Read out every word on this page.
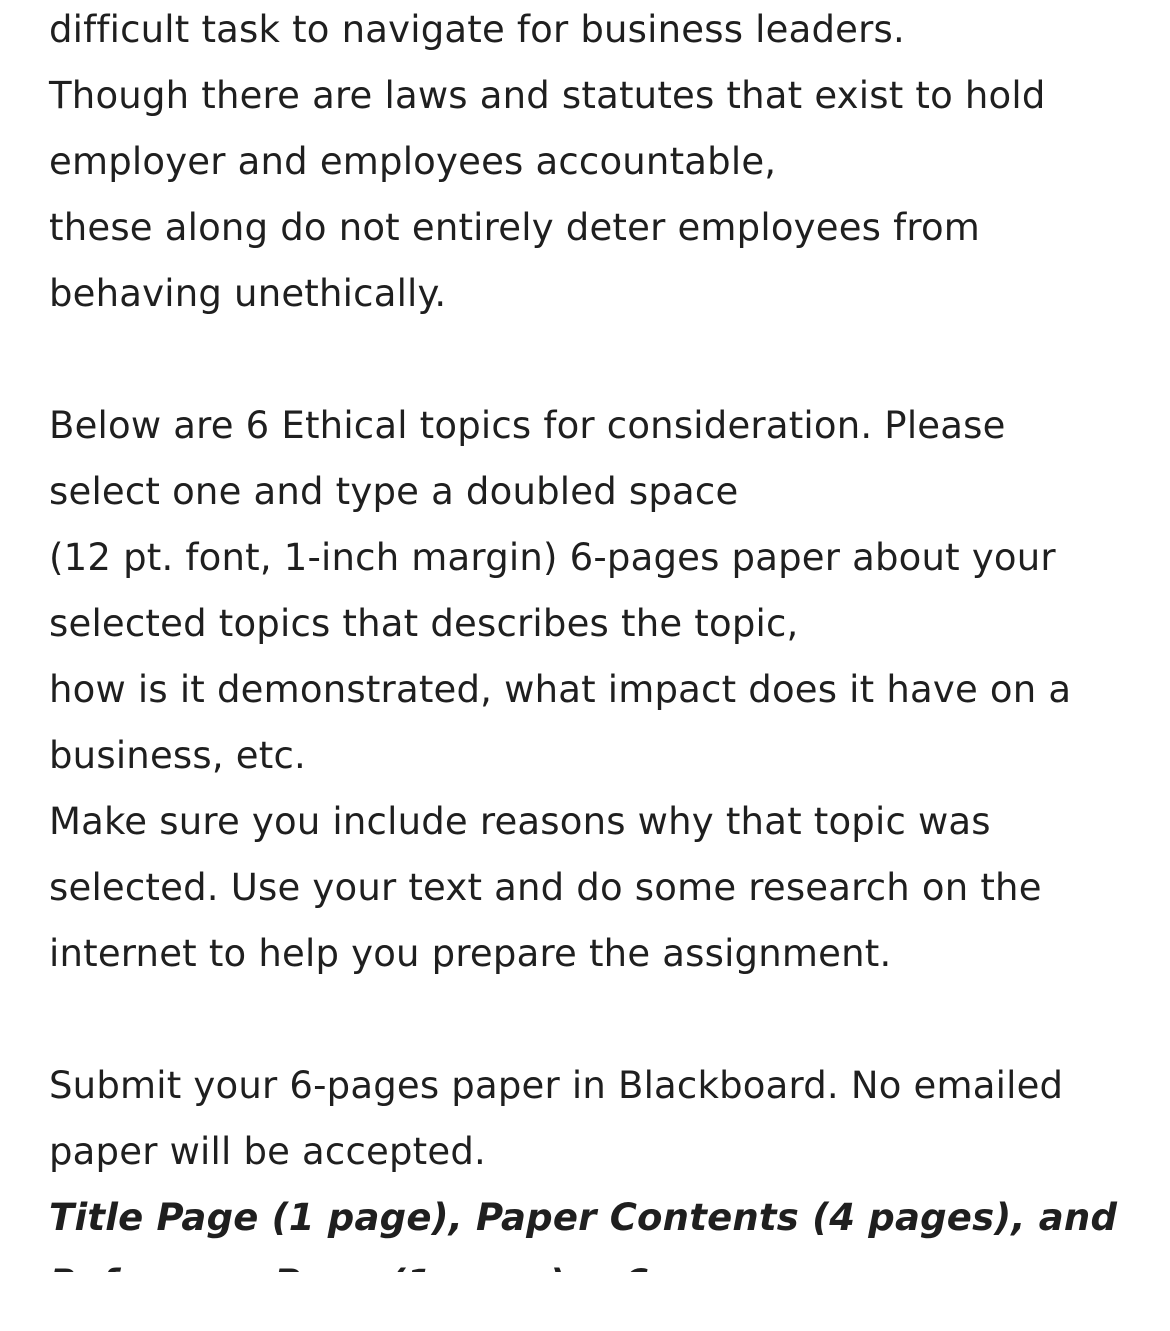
difficult task to navigate for business leaders.
Though there are laws and statutes that exist to hold
employer and employees accountable,
these along do not entirely deter employees from
behaving unethically.
Below are 6 Ethical topics for consideration. Please
select one and type a doubled space
(12 pt. font, 1-inch margin) 6-pages paper about your
selected topics that describes the topic,
how is it demonstrated, what impact does it have on a
business, etc.
Make sure you include reasons why that topic was
selected. Use your text and do some research on the
internet to help you prepare the assignment.
Submit your 6-pages paper in Blackboard. No emailed
paper will be accepted.
Title Page (1 page), Paper Contents (4 pages), and
